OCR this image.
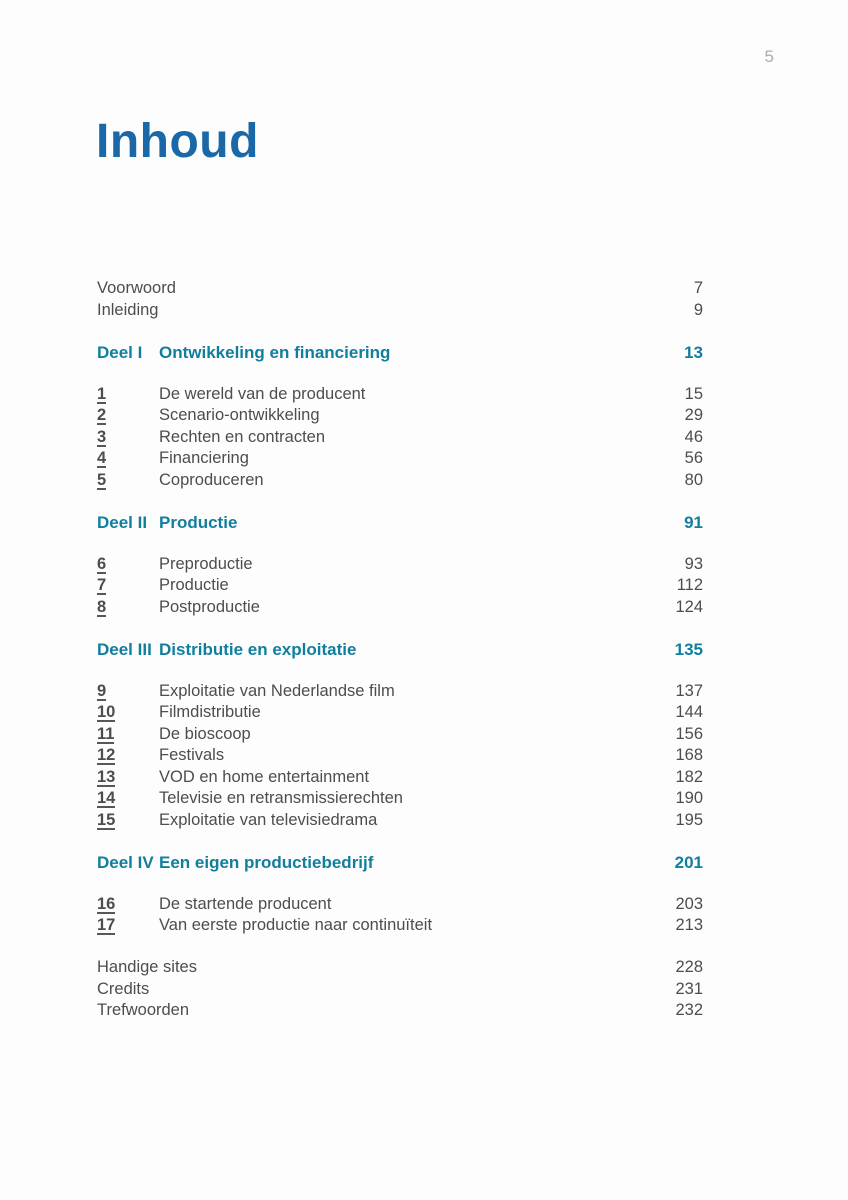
5
Inhoud
Voorwoord	7
Inleiding	9
Deel I Ontwikkeling en financiering	13
1	De wereld van de producent	15
2	Scenario-ontwikkeling	29
3	Rechten en contracten	46
4	Financiering	56
5	Coproduceren	80
Deel II Productie	91
6	Preproductie	93
7	Productie	112
8	Postproductie	124
Deel III Distributie en exploitatie	135
9	Exploitatie van Nederlandse film	137
10	Filmdistributie	144
11	De bioscoop	156
12	Festivals	168
13	VOD en home entertainment	182
14	Televisie en retransmissierechten	190
15	Exploitatie van televisiedrama	195
Deel IV Een eigen productiebedrijf	201
16	De startende producent	203
17	Van eerste productie naar continuïteit	213
Handige sites	228
Credits	231
Trefwoorden	232
